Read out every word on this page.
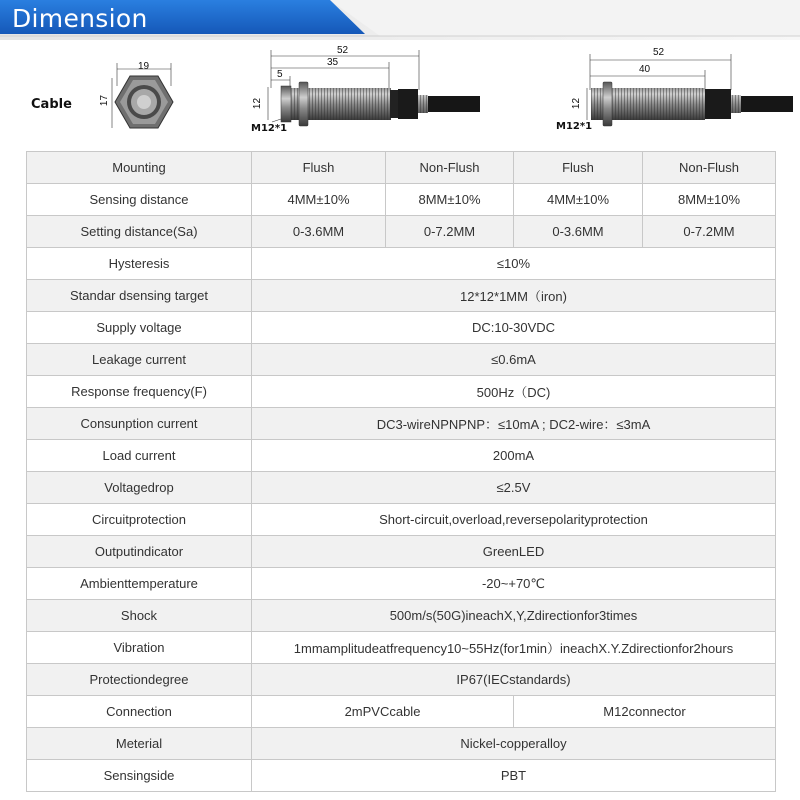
Dimension
Cable
19
17
52
35
5
12
M12*1
52
40
12
M12*1
Mounting	Flush	Non-Flush	Flush	Non-Flush
Sensing distance	4MM±10%	8MM±10%	4MM±10%	8MM±10%
Setting distance(Sa)	0-3.6MM	0-7.2MM	0-3.6MM	0-7.2MM
Hysteresis	≤10%			
Standar dsensing target	12*12*1MM（iron)			
Supply voltage	DC:10-30VDC			
Leakage current	≤0.6mA			
Response frequency(F)	500Hz（DC)			
Consunption current	DC3-wireNPNPNP：≤10mA ; DC2-wire：≤3mA			
Load current	200mA			
Voltagedrop	≤2.5V			
Circuitprotection	Short-circuit,overload,reversepolarityprotection			
Outputindicator	GreenLED			
Ambienttemperature	-20~+70℃			
Shock	500m/s(50G)ineachX,Y,Zdirectionfor3times			
Vibration	1mmamplitudeatfrequency10~55Hz(for1min）ineachX.Y.Zdirectionfor2hours			
Protectiondegree	IP67(IECstandards)			
Connection	2mPVCcable		M12connector	
Meterial	Nickel-copperalloy			
Sensingside	PBT			
